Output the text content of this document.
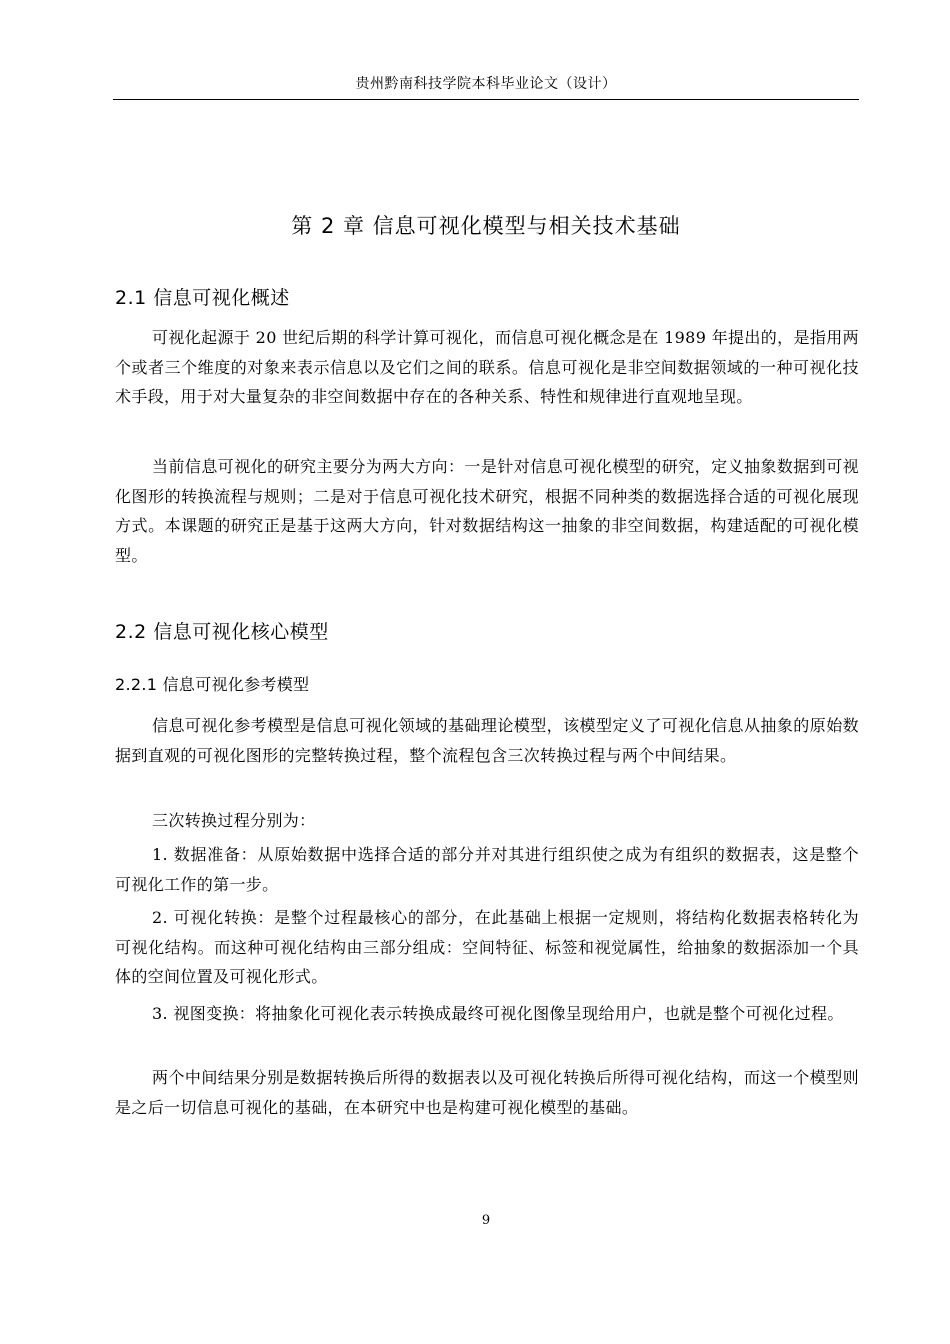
贵州黔南科技学院本科毕业论文（设计）
第 2 章 信息可视化模型与相关技术基础
2.1 信息可视化概述

可视化起源于 20 世纪后期的科学计算可视化，而信息可视化概念是在 1989 年提出的，是指用两个或者三个维度的对象来表示信息以及它们之间的联系。信息可视化是非空间数据领域的一种可视化技术手段，用于对大量复杂的非空间数据中存在的各种关系、特性和规律进行直观地呈现。

当前信息可视化的研究主要分为两大方向：一是针对信息可视化模型的研究，定义抽象数据到可视化图形的转换流程与规则；二是对于信息可视化技术研究，根据不同种类的数据选择合适的可视化展现方式。本课题的研究正是基于这两大方向，针对数据结构这一抽象的非空间数据，构建适配的可视化模型。

2.2 信息可视化核心模型
2.2.1 信息可视化参考模型

信息可视化参考模型是信息可视化领域的基础理论模型，该模型定义了可视化信息从抽象的原始数据到直观的可视化图形的完整转换过程，整个流程包含三次转换过程与两个中间结果。

三次转换过程分别为：

1. 数据准备：从原始数据中选择合适的部分并对其进行组织使之成为有组织的数据表，这是整个可视化工作的第一步。

2. 可视化转换：是整个过程最核心的部分，在此基础上根据一定规则，将结构化数据表格转化为可视化结构。而这种可视化结构由三部分组成：空间特征、标签和视觉属性，给抽象的数据添加一个具体的空间位置及可视化形式。

3. 视图变换：将抽象化可视化表示转换成最终可视化图像呈现给用户，也就是整个可视化过程。

两个中间结果分别是数据转换后所得的数据表以及可视化转换后所得可视化结构，而这一个模型则是之后一切信息可视化的基础，在本研究中也是构建可视化模型的基础。

9
